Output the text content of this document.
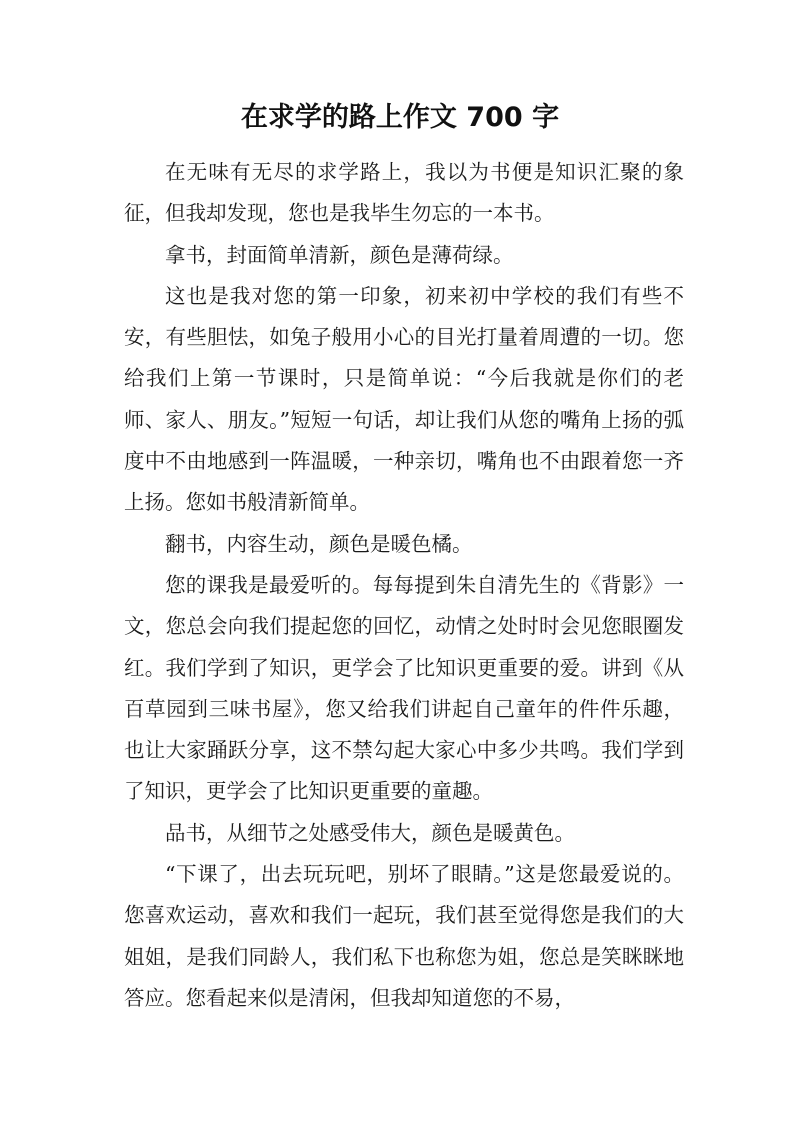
在求学的路上作文 700 字

在无味有无尽的求学路上，我以为书便是知识汇聚的象征，但我却发现，您也是我毕生勿忘的一本书。

拿书，封面简单清新，颜色是薄荷绿。

这也是我对您的第一印象，初来初中学校的我们有些不安，有些胆怯，如兔子般用小心的目光打量着周遭的一切。您给我们上第一节课时，只是简单说：“今后我就是你们的老师、家人、朋友。”短短一句话，却让我们从您的嘴角上扬的弧度中不由地感到一阵温暖，一种亲切，嘴角也不由跟着您一齐上扬。您如书般清新简单。

翻书，内容生动，颜色是暖色橘。

您的课我是最爱听的。每每提到朱自清先生的《背影》一文，您总会向我们提起您的回忆，动情之处时时会见您眼圈发红。我们学到了知识，更学会了比知识更重要的爱。讲到《从百草园到三味书屋》，您又给我们讲起自己童年的件件乐趣，也让大家踊跃分享，这不禁勾起大家心中多少共鸣。我们学到了知识，更学会了比知识更重要的童趣。

品书，从细节之处感受伟大，颜色是暖黄色。

“下课了，出去玩玩吧，别坏了眼睛。”这是您最爱说的。您喜欢运动，喜欢和我们一起玩，我们甚至觉得您是我们的大姐姐，是我们同龄人，我们私下也称您为姐，您总是笑眯眯地答应。您看起来似是清闲，但我却知道您的不易，
